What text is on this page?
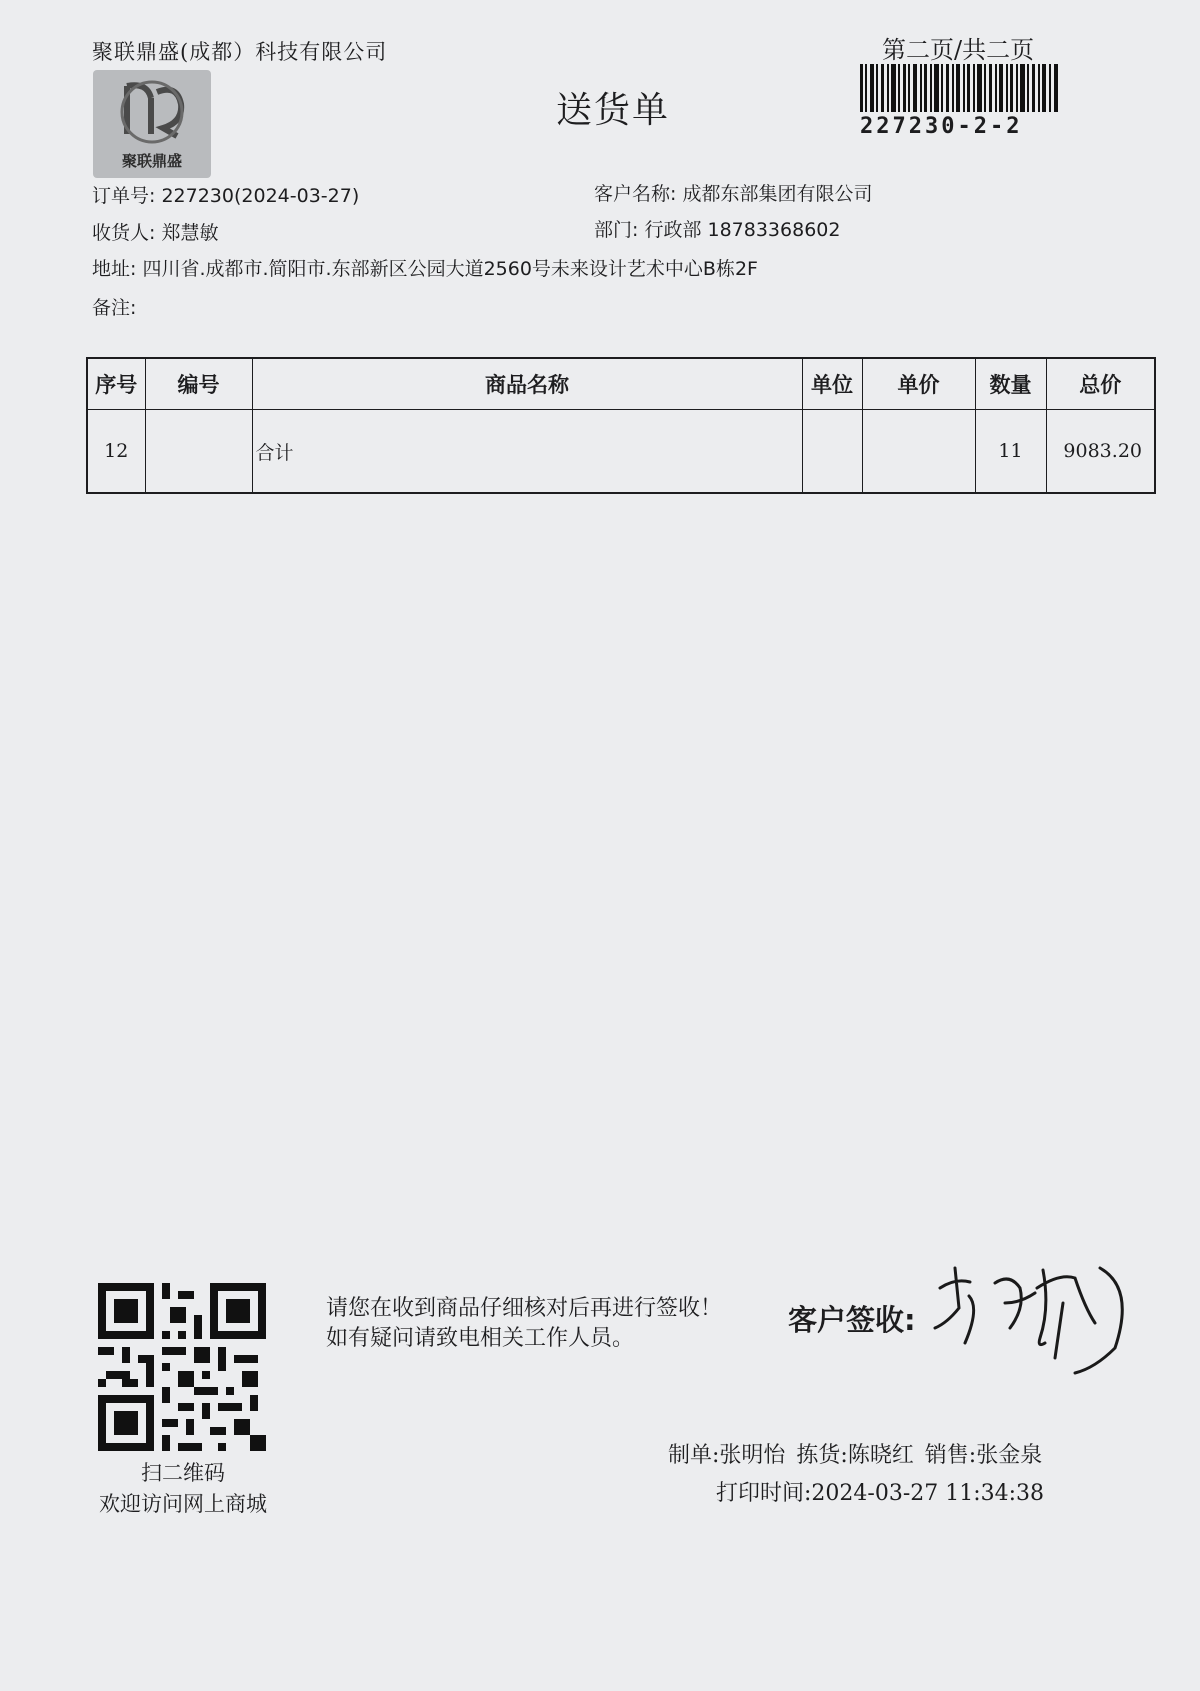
聚联鼎盛(成都）科技有限公司
聚联鼎盛
送货单
第二页/共二页
227230-2-2
订单号: 227230(2024-03-27)	客户名称: 成都东部集团有限公司
收货人: 郑慧敏	部门: 行政部 18783368602
地址: 四川省.成都市.简阳市.东部新区公园大道2560号未来设计艺术中心B栋2F
备注:
序号	编号	商品名称	单位	单价	数量	总价
12		合计			11	9083.20
扫二维码
欢迎访问网上商城
请您在收到商品仔细核对后再进行签收！如有疑问请致电相关工作人员。
客户签收:
制单:张明怡 拣货:陈晓红 销售:张金泉
打印时间:2024-03-27 11:34:38
